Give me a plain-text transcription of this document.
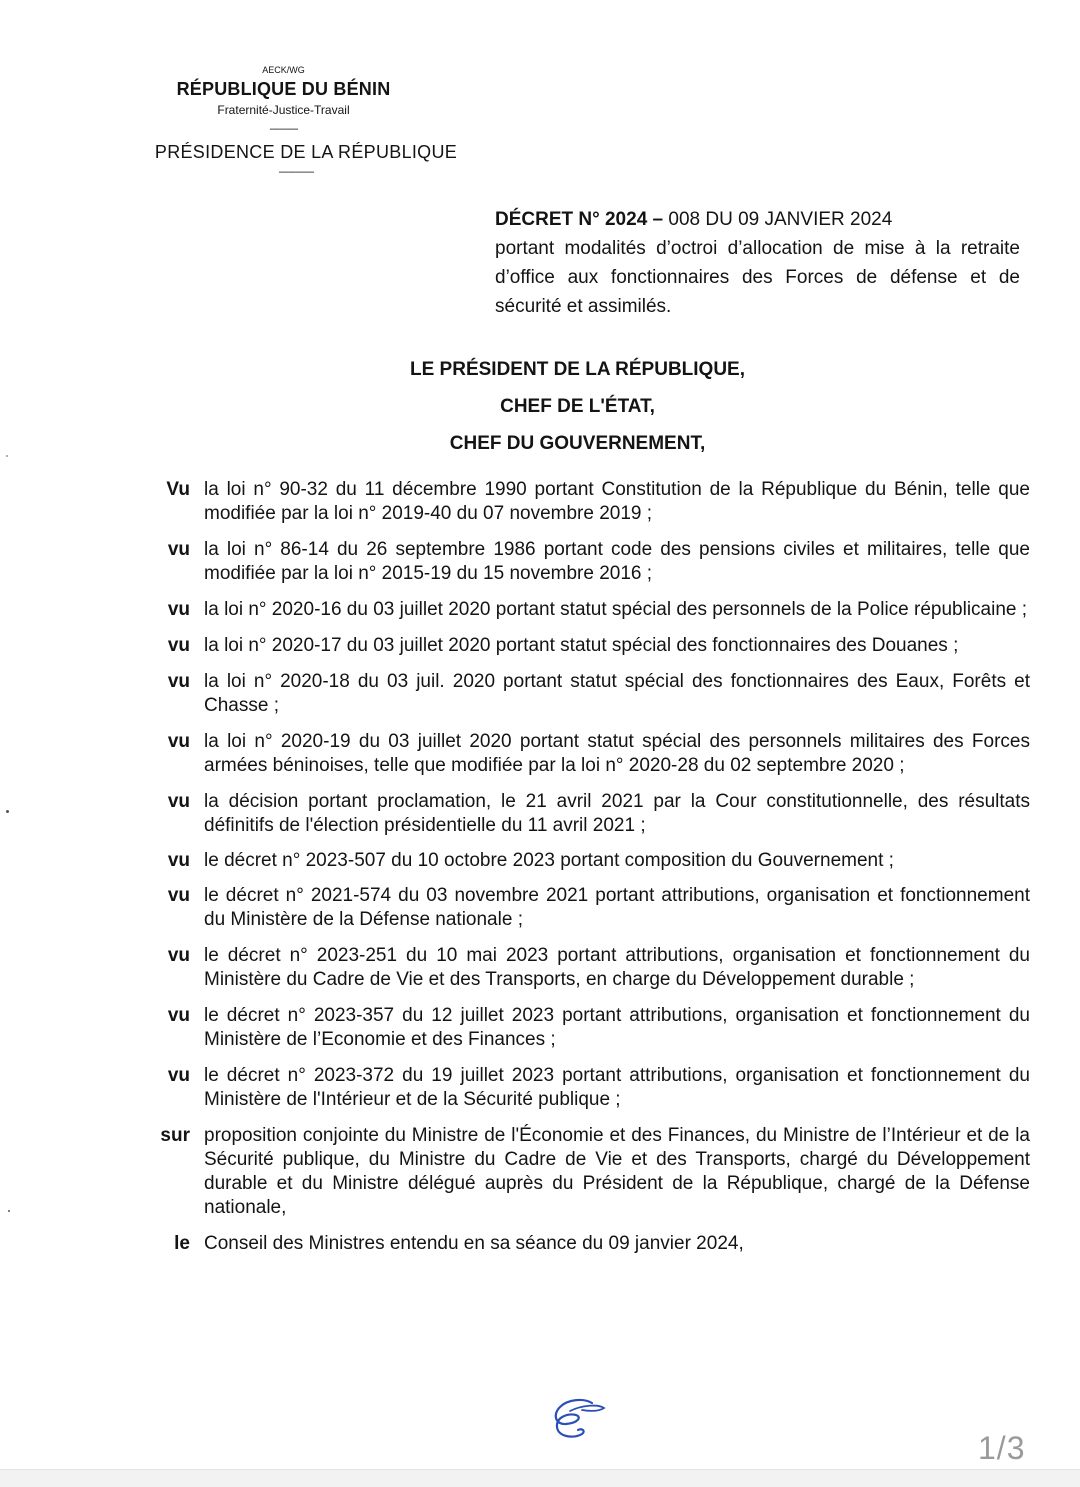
AECK/WG
RÉPUBLIQUE DU BÉNIN
Fraternité-Justice-Travail
------------
PRÉSIDENCE DE LA RÉPUBLIQUE
---------------
DÉCRET N° 2024 – 008 DU 09 JANVIER 2024
portant modalités d’octroi d’allocation de mise à la retraite d’office aux fonctionnaires des Forces de défense et de sécurité et assimilés.
LE PRÉSIDENT DE LA RÉPUBLIQUE,
CHEF DE L'ÉTAT,
CHEF DU GOUVERNEMENT,
Vu la loi n° 90-32 du 11 décembre 1990 portant Constitution de la République du Bénin, telle que modifiée par la loi n° 2019-40 du 07 novembre 2019 ;
vu la loi n° 86-14 du 26 septembre 1986 portant code des pensions civiles et militaires, telle que modifiée par la loi n° 2015-19 du 15 novembre 2016 ;
vu la loi n° 2020-16 du 03 juillet 2020 portant statut spécial des personnels de la Police républicaine ;
vu la loi n° 2020-17 du 03 juillet 2020 portant statut spécial des fonctionnaires des Douanes ;
vu la loi n° 2020-18 du 03 juil. 2020 portant statut spécial des fonctionnaires des Eaux, Forêts et Chasse ;
vu la loi n° 2020-19 du 03 juillet 2020 portant statut spécial des personnels militaires des Forces armées béninoises, telle que modifiée par la loi n° 2020-28 du 02 septembre 2020 ;
vu la décision portant proclamation, le 21 avril 2021 par la Cour constitutionnelle, des résultats définitifs de l'élection présidentielle du 11 avril 2021 ;
vu le décret n° 2023-507 du 10 octobre 2023 portant composition du Gouvernement ;
vu le décret n° 2021-574 du 03 novembre 2021 portant attributions, organisation et fonctionnement du Ministère de la Défense nationale ;
vu le décret n° 2023-251 du 10 mai 2023 portant attributions, organisation et fonctionnement du Ministère du Cadre de Vie et des Transports, en charge du Développement durable ;
vu le décret n° 2023-357 du 12 juillet 2023 portant attributions, organisation et fonctionnement du Ministère de l’Economie et des Finances ;
vu le décret n° 2023-372 du 19 juillet 2023 portant attributions, organisation et fonctionnement du Ministère de l'Intérieur et de la Sécurité publique ;
sur proposition conjointe du Ministre de l'Économie et des Finances, du Ministre de l’Intérieur et de la Sécurité publique, du Ministre du Cadre de Vie et des Transports, chargé du Développement durable et du Ministre délégué auprès du Président de la République, chargé de la Défense nationale,
le Conseil des Ministres entendu en sa séance du 09 janvier 2024,
1/3
